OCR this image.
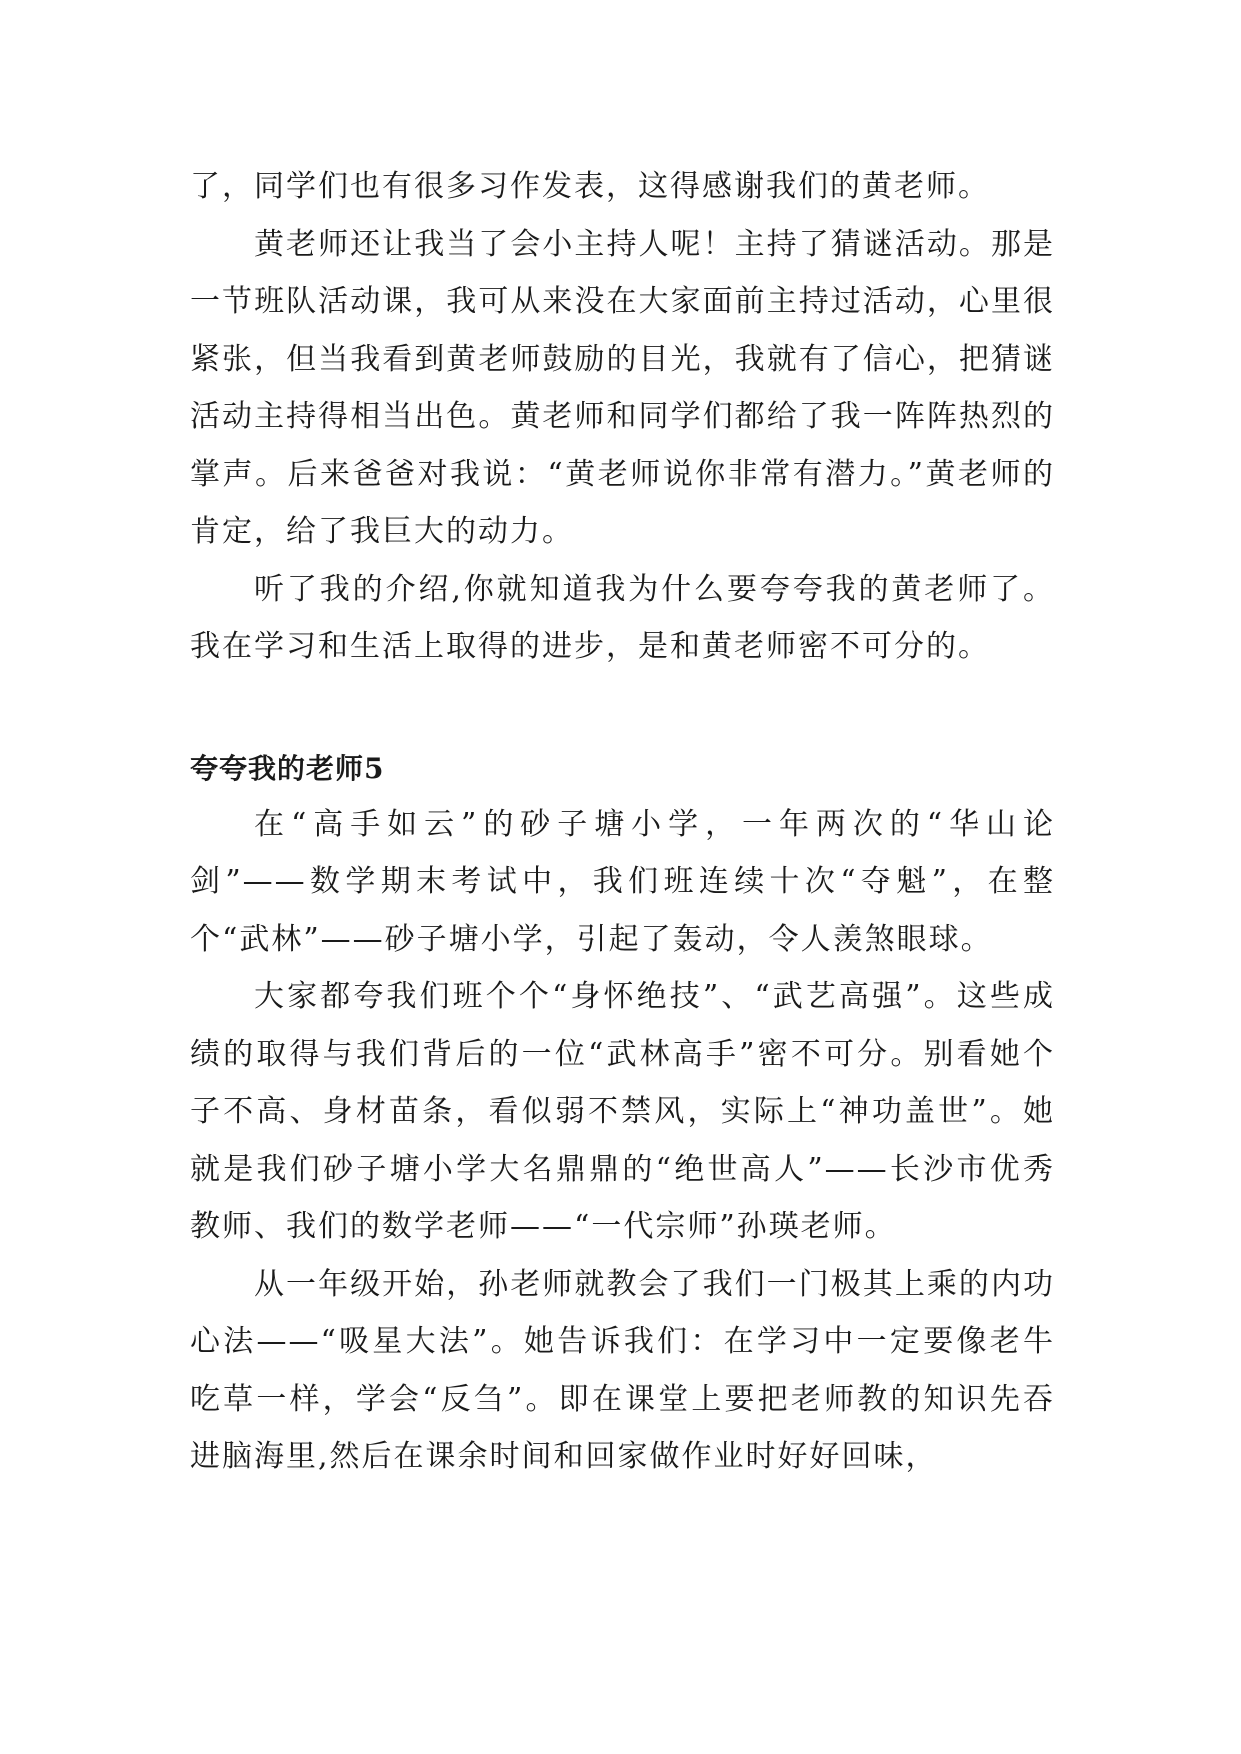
了，同学们也有很多习作发表，这得感谢我们的黄老师。

黄老师还让我当了会小主持人呢！主持了猜谜活动。那是一节班队活动课，我可从来没在大家面前主持过活动，心里很紧张，但当我看到黄老师鼓励的目光，我就有了信心，把猜谜活动主持得相当出色。黄老师和同学们都给了我一阵阵热烈的掌声。后来爸爸对我说：“黄老师说你非常有潜力。”黄老师的肯定，给了我巨大的动力。

听了我的介绍,你就知道我为什么要夸夸我的黄老师了。我在学习和生活上取得的进步，是和黄老师密不可分的。

夸夸我的老师5

在“高手如云”的砂子塘小学，一年两次的“华山论剑”——数学期末考试中，我们班连续十次“夺魁”，在整个“武林”——砂子塘小学，引起了轰动，令人羡煞眼球。

大家都夸我们班个个“身怀绝技”、“武艺高强”。这些成绩的取得与我们背后的一位“武林高手”密不可分。别看她个子不高、身材苗条，看似弱不禁风，实际上“神功盖世”。她就是我们砂子塘小学大名鼎鼎的“绝世高人”——长沙市优秀教师、我们的数学老师——“一代宗师”孙瑛老师。

从一年级开始，孙老师就教会了我们一门极其上乘的内功心法——“吸星大法”。她告诉我们：在学习中一定要像老牛吃草一样，学会“反刍”。即在课堂上要把老师教的知识先吞进脑海里,然后在课余时间和回家做作业时好好回味，
